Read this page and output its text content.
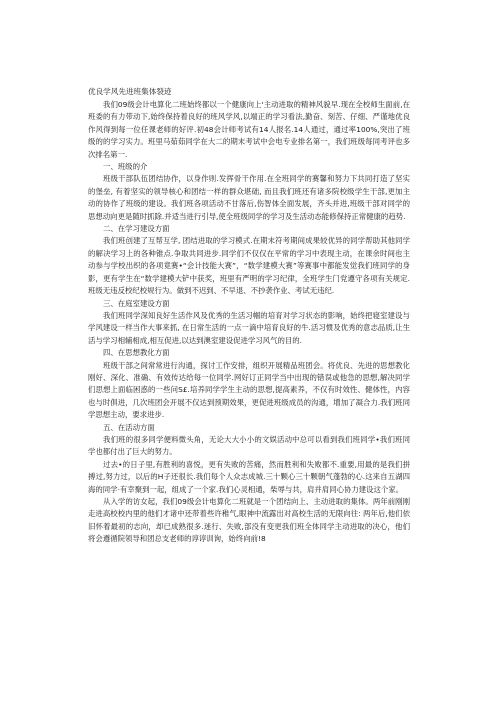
优良学风先进班集体裂迹

我们09级会计电算化二班始终都以一个健康向上'主动进取的精神风貌早.现在全校师生面前,在班委的有力带动下,始终保持着良好的班风学风,以端正的学习看法,勤奋、刻苦、仔细、严谨地优良作风得到每一位任课老师的好评.初48会计师考试有14人报名.14人通过，通过率100%,突出了班级的的学习实力。班里马茹茹同学在大二的期末考试中会电专业排名第一，我们班级每同考评也多次排名第一.

一、班级的介

班级干部队伍团结协作，以身作则.发挥骨干作用.在全班同学的赛馨和努力下共同打造了坚实的堡垒, 有着坚实的领导核心和团结一样的群众堪础, 而且我们班还有诸多院校级学生干部,更加主动的协作了班级的建设。我们班各项活动不甘落后,伤智体全面发展，齐头并进,班级干部对同学的思想动向更是随时抓除.并适当进行引导,使全班级同学的学习及生活动态能修保持正常健康的趋势.

二、在学习建设方面

我们班创建了互帮互学, 团结进取的学习模式.在期末符考期间成果较优异的同学帮助其他同学的解决学习上的各种锥点.争取共同进步.同学们不仅仅在平常的学习中表现主动，在课余时间也主动参与学校出织的各项竟赛•“会计技能大赛”，“数学建模大赛”等赛事中都能发觉我们班同学的身影，更有学生在“数学建模大铲中获奖，班里有严明的学习纪律，全班学生门党遵守各项有关规定.班级无违反校纪校规行为。做到不迟到、不早退、不抄袭作业、考试无违纪.

三、在庭室建设方面

我们班同学深知良好生活作风及优秀的生活习帼的培育对学习状态的影响，始终把寝室建设与学风建设一样当作大事来抓, 在日常生活的一点一滴中培育良好的牛.活习惯及优秀的意志品质,让生活与学习相辅相成,相互促进,以达到澳室建设促进学习风气的目的.

四、在思想教化方面

班级干部之间常常进行沟通，探讨工作安排，组织开展精品班团会。将优良、先进的思想教化刚好、深化、准确、有效传达给每一位同学.网好订正同学当中出现的错误或他急的思想,解决同学们思想上面临困惑的一些问S£.培养同学学生主动的思想,提高素养，不仅有时效性、健体性，内容也与时俱进，几次班团会开展不仅达到预期效果，更促进班级成员的沟通，增加了凝合力.我们班同学思想主动，要求进步.

五、在活动方面

我们班的很多同学便料微头角，无论大大小小的文娱活动中总可以看到我们班同学•我们班同学也都付出了巨大的努力。

过去•的日子里,有胜利的喜悦，更有失败的苦痛，然而胜利和失败都不.重要,用最的是我们拼搏过,努力过，以后的H子还很长.我们每个人众志成城.三十颗心三十颗朝气蓬勃的心.这来自五湖四海的同学·有幸聚到一起，组成了一个家.我们心灵相通，柴辱与共，肩并肩同心协力建设这个家。

从入学的访女起，我们09级会计电算化二班就是一个团结向上、主动进取的集体。两年前刚刚走进高校校内里的他们才诸中还带着些许稚气,眼神中流露出对高校生活的无限向往: 两年后,他们依旧怀着最初的志向，却已成熟很多.迷行、失败,部没有变更我们班全体同学主动进取的决心，他们将会遵循院领导和团总支老师的谆谆训询，始终向前!8
